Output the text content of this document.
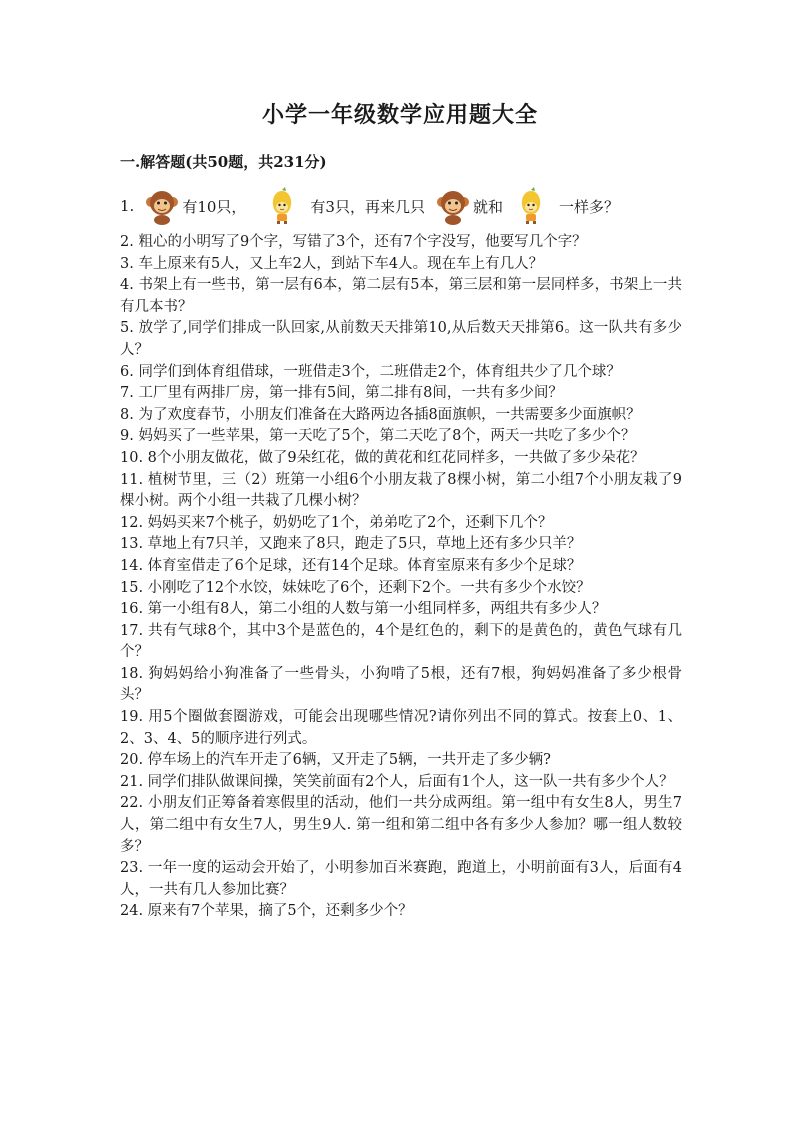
小学一年级数学应用题大全
一.解答题(共50题，共231分)
1.	有10只，	有3只，再来几只	就和	一样多？
2. 粗心的小明写了9个字，写错了3个，还有7个字没写，他要写几个字？
3. 车上原来有5人，又上车2人，到站下车4人。现在车上有几人？
4. 书架上有一些书，第一层有6本，第二层有5本，第三层和第一层同样多，书架上一共有几本书？
5. 放学了,同学们排成一队回家,从前数天天排第10,从后数天天排第6。这一队共有多少人？
6. 同学们到体育组借球，一班借走3个，二班借走2个，体育组共少了几个球？
7. 工厂里有两排厂房，第一排有5间，第二排有8间，一共有多少间？
8. 为了欢度春节，小朋友们准备在大路两边各插8面旗帜，一共需要多少面旗帜？
9. 妈妈买了一些苹果，第一天吃了5个，第二天吃了8个，两天一共吃了多少个？
10. 8个小朋友做花，做了9朵红花，做的黄花和红花同样多，一共做了多少朵花？
11. 植树节里，三（2）班第一小组6个小朋友栽了8棵小树，第二小组7个小朋友栽了9棵小树。两个小组一共栽了几棵小树？
12. 妈妈买来7个桃子，奶奶吃了1个，弟弟吃了2个，还剩下几个？
13. 草地上有7只羊，又跑来了8只，跑走了5只，草地上还有多少只羊？
14. 体育室借走了6个足球，还有14个足球。体育室原来有多少个足球？
15. 小刚吃了12个水饺，妹妹吃了6个，还剩下2个。一共有多少个水饺？
16. 第一小组有8人，第二小组的人数与第一小组同样多，两组共有多少人？
17. 共有气球8个，其中3个是蓝色的，4个是红色的，剩下的是黄色的，黄色气球有几个？
18. 狗妈妈给小狗准备了一些骨头，小狗啃了5根，还有7根，狗妈妈准备了多少根骨头？
19. 用5个圈做套圈游戏，可能会出现哪些情况?请你列出不同的算式。按套上0、1、2、3、4、5的顺序进行列式。
20. 停车场上的汽车开走了6辆，又开走了5辆，一共开走了多少辆?
21. 同学们排队做课间操，笑笑前面有2个人，后面有1个人，这一队一共有多少个人？
22. 小朋友们正筹备着寒假里的活动，他们一共分成两组。第一组中有女生8人，男生7人，第二组中有女生7人，男生9人. 第一组和第二组中各有多少人参加？哪一组人数较多？
23. 一年一度的运动会开始了，小明参加百米赛跑，跑道上，小明前面有3人，后面有4人，一共有几人参加比赛？
24. 原来有7个苹果，摘了5个，还剩多少个？
